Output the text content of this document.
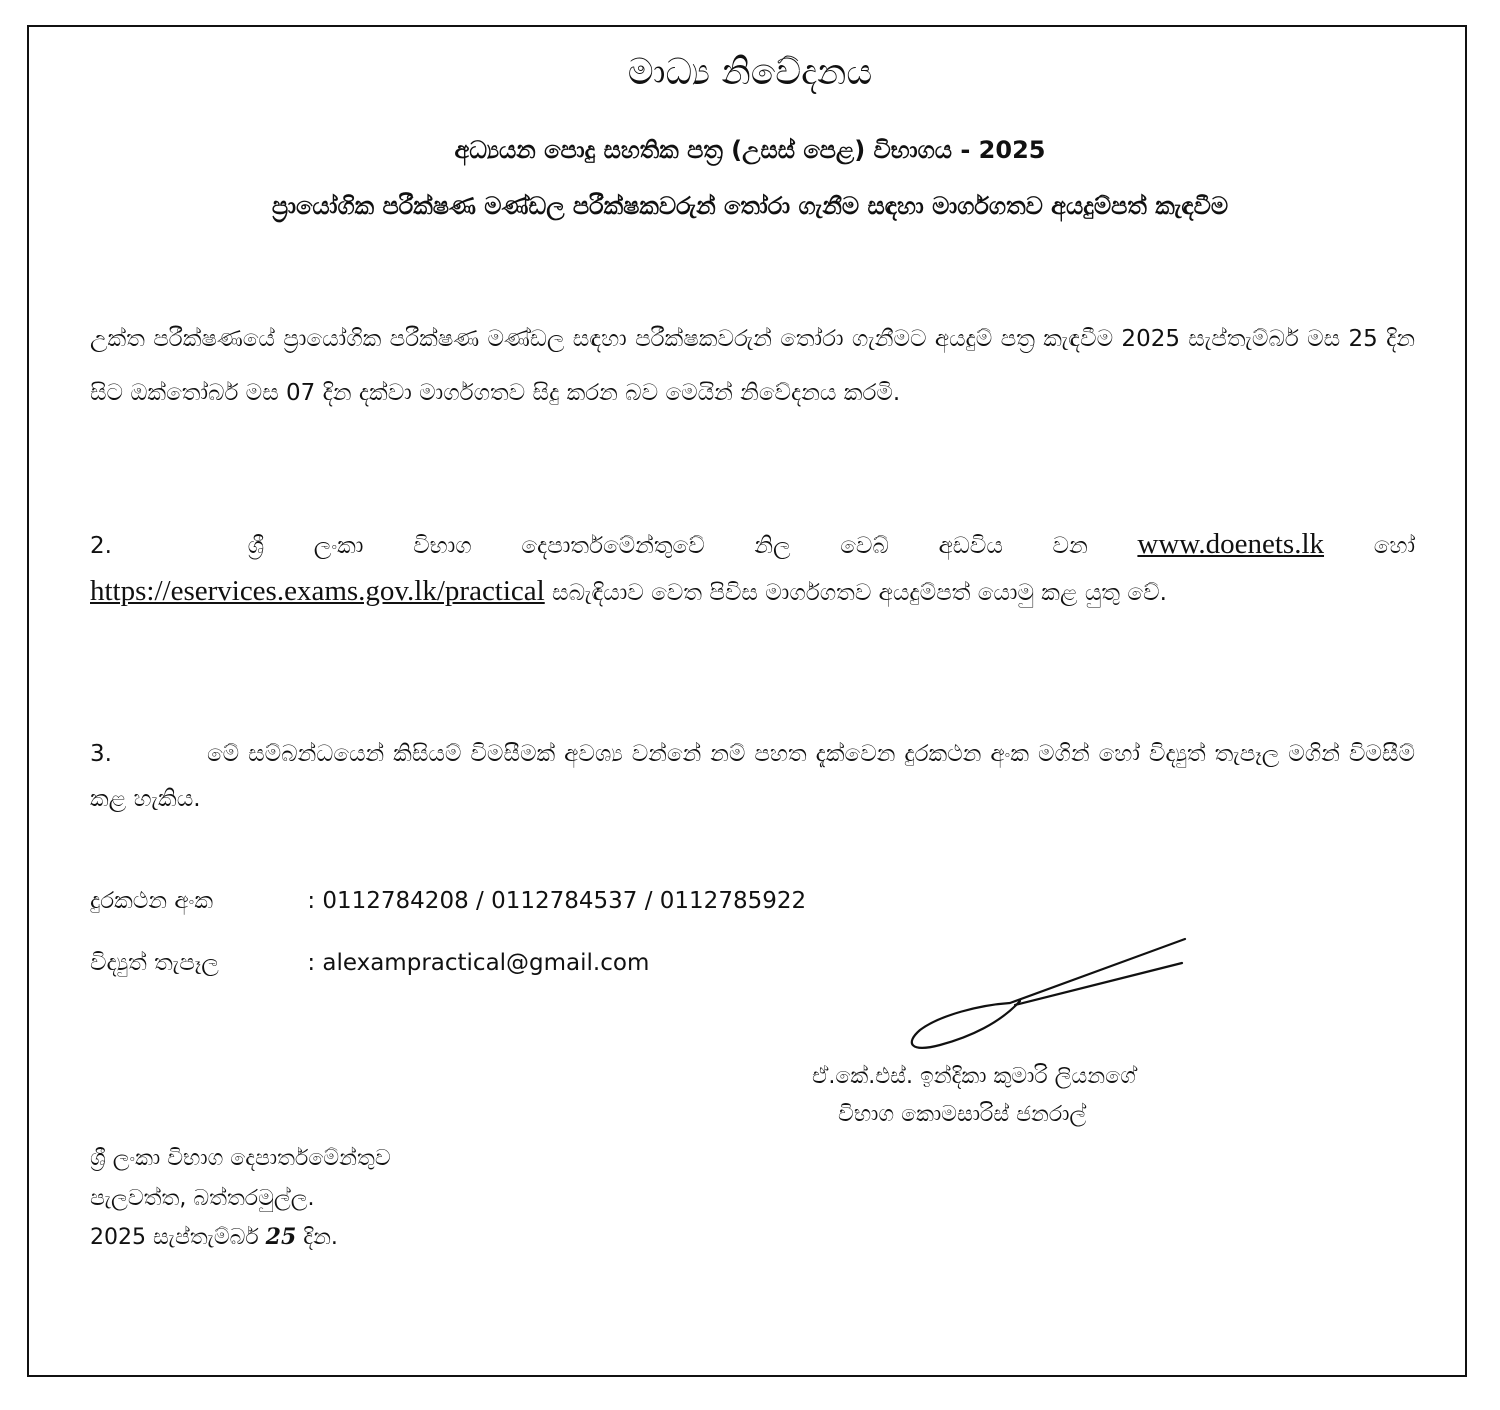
මාධ්‍ය නිවේදනය
අධ්‍යයන පොදු සහතික පත්‍ර (උසස් පෙළ) විභාගය - 2025
ප්‍රායෝගික පරීක්ෂණ මණ්ඩල පරීක්ෂකවරුන් තෝරා ගැනීම සඳහා මාර්ගගතව අයදුම්පත් කැඳවීම
උක්ත පරීක්ෂණයේ ප්‍රායෝගික පරීක්ෂණ මණ්ඩල සඳහා පරීක්ෂකවරුන් තෝරා ගැනීමට අයදුම් පත්‍ර කැඳවීම 2025 සැප්තැම්බර් මස 25 දින සිට ඔක්තෝබර් මස 07 දින දක්වා මාර්ගගතව සිදු කරන බව මෙයින් නිවේදනය කරමි.
2.	ශ්‍රී ලංකා විභාග දෙපාර්තමේන්තුවේ නිල වෙබ් අඩවිය වන www.doenets.lk හෝ https://eservices.exams.gov.lk/practical සබැඳියාව වෙත පිවිස මාර්ගගතව අයදුම්පත් යොමු කළ යුතු වේ.
3.	මේ සම්බන්ධයෙන් කිසියම් විමසීමක් අවශ්‍ය වන්නේ නම් පහත දැක්වෙන දුරකථන අංක මගින් හෝ විද්‍යුත් තැපෑල මගින් විමසීම් කළ හැකිය.
දුරකථන අංක	: 0112784208 / 0112784537 / 0112785922
විද්‍යුත් තැපෑල	: alexampractical@gmail.com
ඒ.කේ.එස්. ඉන්දිකා කුමාරි ලියනගේ
විභාග කොමසාරිස් ජනරාල්
ශ්‍රී ලංකා විභාග දෙපාර්තමේන්තුව
පැලවත්ත, බත්තරමුල්ල.
2025 සැප්තැම්බර් 25 දින.
